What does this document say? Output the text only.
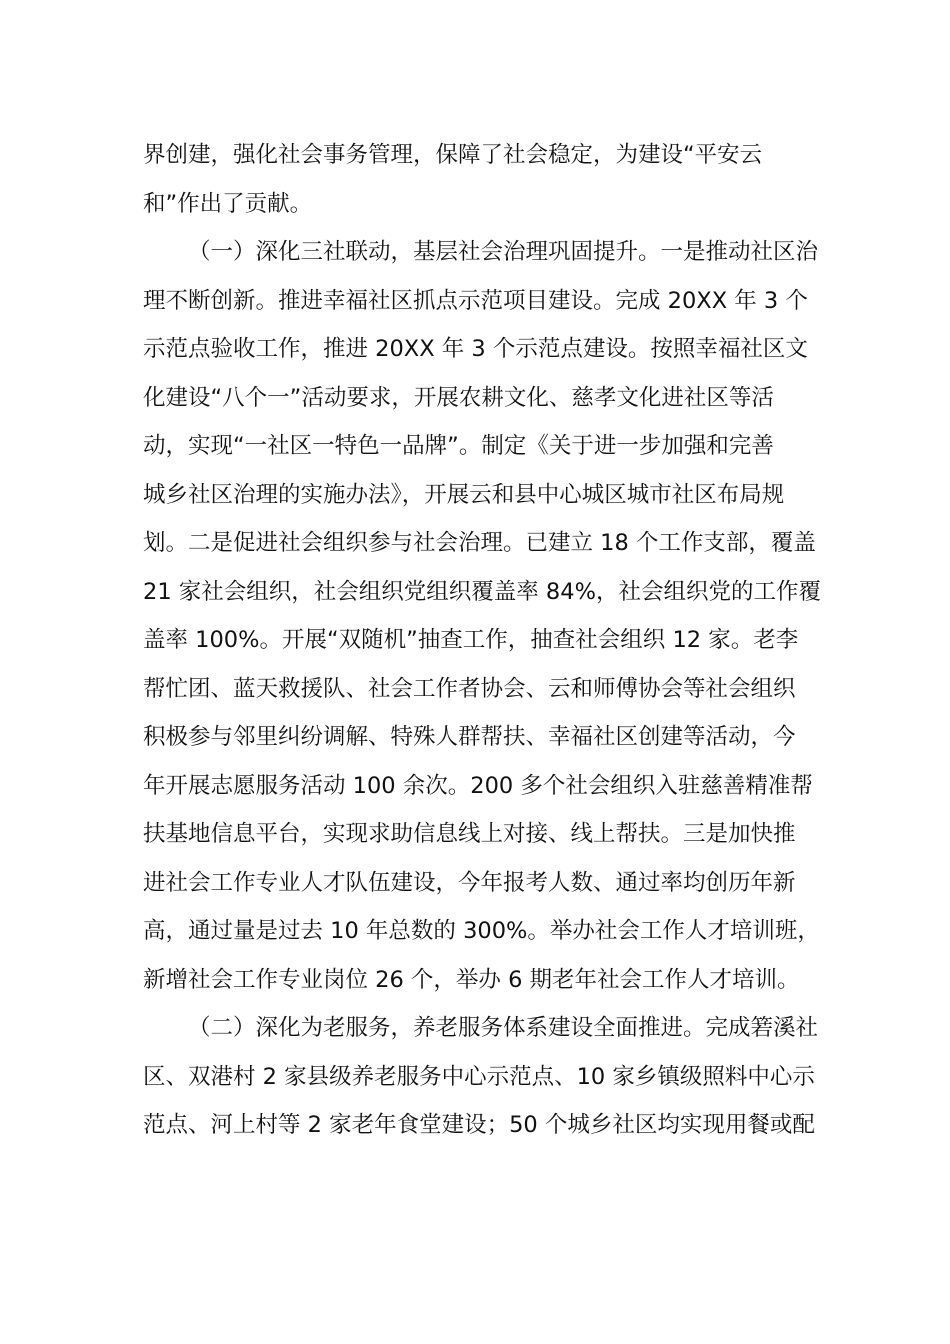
界创建，强化社会事务管理，保障了社会稳定，为建设“平安云
和”作出了贡献。
（一）深化三社联动，基层社会治理巩固提升。一是推动社区治
理不断创新。推进幸福社区抓点示范项目建设。完成 20XX 年 3 个
示范点验收工作，推进 20XX 年 3 个示范点建设。按照幸福社区文
化建设“八个一”活动要求，开展农耕文化、慈孝文化进社区等活
动，实现“一社区一特色一品牌”。制定《关于进一步加强和完善
城乡社区治理的实施办法》，开展云和县中心城区城市社区布局规
划。二是促进社会组织参与社会治理。已建立 18 个工作支部，覆盖
21 家社会组织，社会组织党组织覆盖率 84%，社会组织党的工作覆
盖率 100%。开展“双随机”抽查工作，抽查社会组织 12 家。老李
帮忙团、蓝天救援队、社会工作者协会、云和师傅协会等社会组织
积极参与邻里纠纷调解、特殊人群帮扶、幸福社区创建等活动，今
年开展志愿服务活动 100 余次。200 多个社会组织入驻慈善精准帮
扶基地信息平台，实现求助信息线上对接、线上帮扶。三是加快推
进社会工作专业人才队伍建设，今年报考人数、通过率均创历年新
高，通过量是过去 10 年总数的 300%。举办社会工作人才培训班，
新增社会工作专业岗位 26 个，举办 6 期老年社会工作人才培训。
（二）深化为老服务，养老服务体系建设全面推进。完成箬溪社
区、双港村 2 家县级养老服务中心示范点、10 家乡镇级照料中心示
范点、河上村等 2 家老年食堂建设；50 个城乡社区均实现用餐或配
